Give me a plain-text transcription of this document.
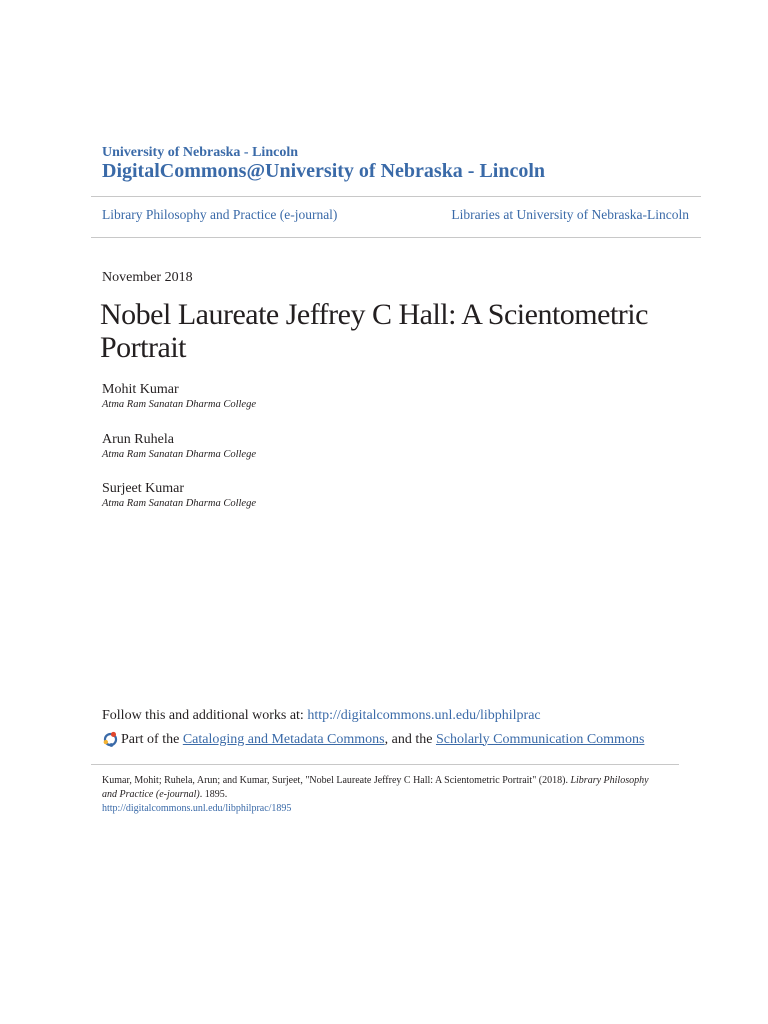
University of Nebraska - Lincoln
DigitalCommons@University of Nebraska - Lincoln
Library Philosophy and Practice (e-journal)	Libraries at University of Nebraska-Lincoln
November 2018
Nobel Laureate Jeffrey C Hall: A Scientometric Portrait
Mohit Kumar
Atma Ram Sanatan Dharma College
Arun Ruhela
Atma Ram Sanatan Dharma College
Surjeet Kumar
Atma Ram Sanatan Dharma College
Follow this and additional works at: http://digitalcommons.unl.edu/libphilprac
Part of the Cataloging and Metadata Commons , and the Scholarly Communication Commons
Kumar, Mohit; Ruhela, Arun; and Kumar, Surjeet, "Nobel Laureate Jeffrey C Hall: A Scientometric Portrait" (2018). Library Philosophy and Practice (e-journal). 1895.
http://digitalcommons.unl.edu/libphilprac/1895
